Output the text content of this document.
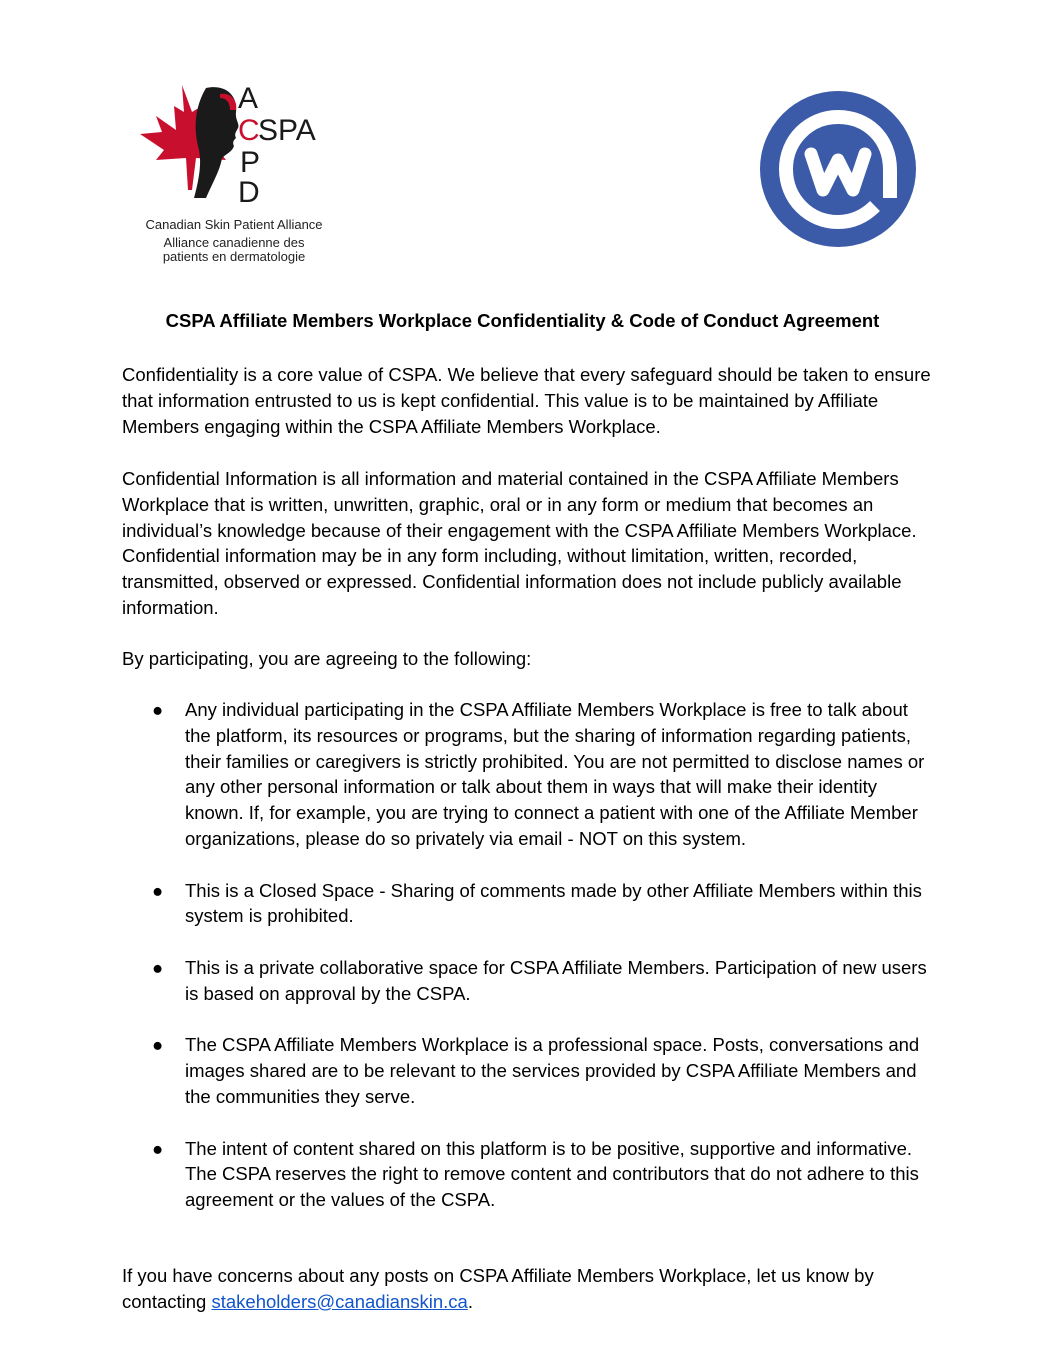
A
C
SPA
P
D
Canadian Skin Patient Alliance
Alliance canadienne des
patients en dermatologie
CSPA Affiliate Members Workplace Confidentiality & Code of Conduct Agreement

Confidentiality is a core value of CSPA. We believe that every safeguard should be taken to ensure that information entrusted to us is kept confidential. This value is to be maintained by Affiliate Members engaging within the CSPA Affiliate Members Workplace.

Confidential Information is all information and material contained in the CSPA Affiliate Members Workplace that is written, unwritten, graphic, oral or in any form or medium that becomes an individual’s knowledge because of their engagement with the CSPA Affiliate Members Workplace. Confidential information may be in any form including, without limitation, written, recorded, transmitted, observed or expressed. Confidential information does not include publicly available information.

By participating, you are agreeing to the following:

● Any individual participating in the CSPA Affiliate Members Workplace is free to talk about the platform, its resources or programs, but the sharing of information regarding patients, their families or caregivers is strictly prohibited. You are not permitted to disclose names or any other personal information or talk about them in ways that will make their identity known. If, for example, you are trying to connect a patient with one of the Affiliate Member organizations, please do so privately via email - NOT on this system.
● This is a Closed Space - Sharing of comments made by other Affiliate Members within this system is prohibited.
● This is a private collaborative space for CSPA Affiliate Members. Participation of new users is based on approval by the CSPA.
● The CSPA Affiliate Members Workplace is a professional space. Posts, conversations and images shared are to be relevant to the services provided by CSPA Affiliate Members and the communities they serve.
● The intent of content shared on this platform is to be positive, supportive and informative. The CSPA reserves the right to remove content and contributors that do not adhere to this agreement or the values of the CSPA.

If you have concerns about any posts on CSPA Affiliate Members Workplace, let us know by contacting stakeholders@canadianskin.ca.
